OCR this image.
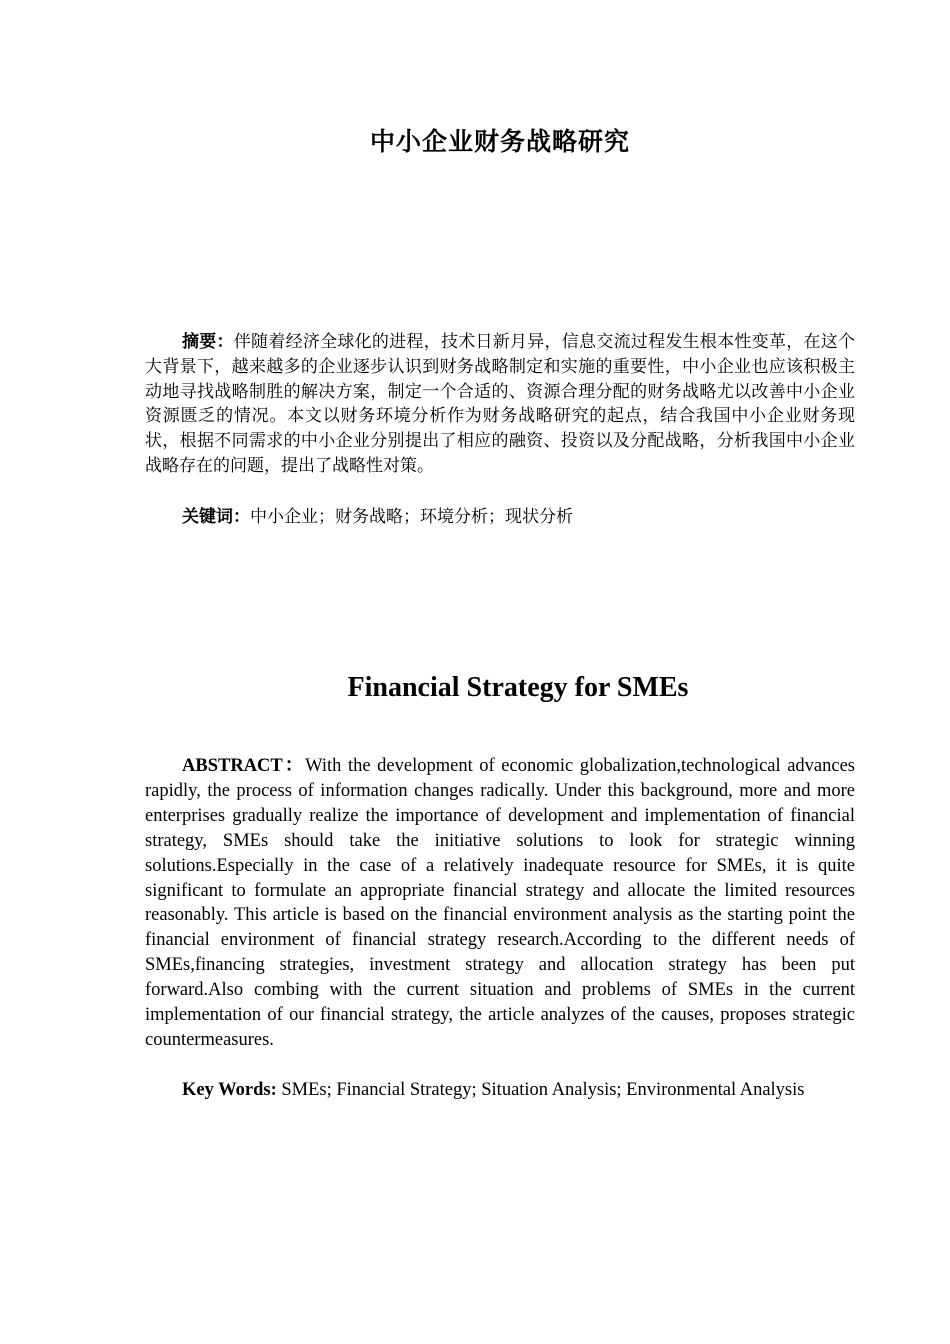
中小企业财务战略研究

摘要：伴随着经济全球化的进程，技术日新月异，信息交流过程发生根本性变革，在这个大背景下，越来越多的企业逐步认识到财务战略制定和实施的重要性，中小企业也应该积极主动地寻找战略制胜的解决方案，制定一个合适的、资源合理分配的财务战略尤以改善中小企业资源匮乏的情况。本文以财务环境分析作为财务战略研究的起点，结合我国中小企业财务现状，根据不同需求的中小企业分别提出了相应的融资、投资以及分配战略，分析我国中小企业战略存在的问题，提出了战略性对策。

关键词：中小企业；财务战略；环境分析；现状分析

Financial Strategy for SMEs

ABSTRACT：With the development of economic globalization,technological advances rapidly, the process of information changes radically. Under this background, more and more enterprises gradually realize the importance of development and implementation of financial strategy, SMEs should take the initiative solutions to look for strategic winning solutions.Especially in the case of a relatively inadequate resource for SMEs, it is quite significant to formulate an appropriate financial strategy and allocate the limited resources reasonably. This article is based on the financial environment analysis as the starting point the financial environment of financial strategy research.According to the different needs of SMEs,financing strategies, investment strategy and allocation strategy has been put forward.Also combing with the current situation and problems of SMEs in the current implementation of our financial strategy, the article analyzes of the causes, proposes strategic countermeasures.

Key Words: SMEs; Financial Strategy; Situation Analysis; Environmental Analysis
